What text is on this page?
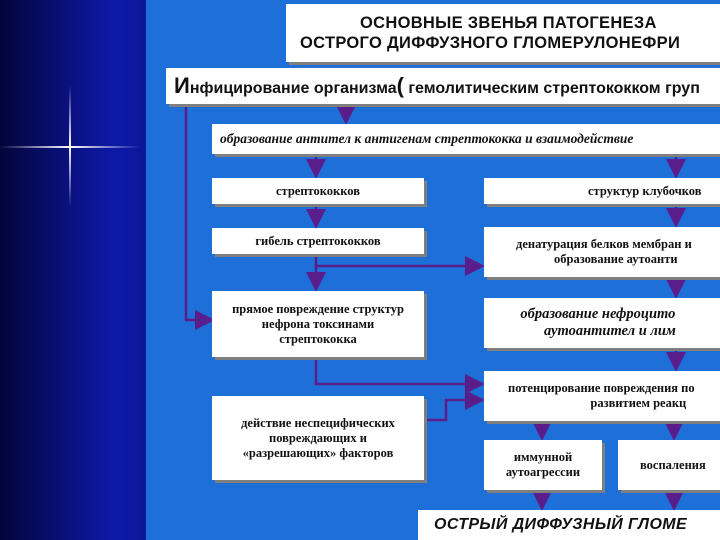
ОСНОВНЫЕ ЗВЕНЬЯ ПАТОГЕНЕЗА
ОСТРОГО ДИФФУЗНОГО ГЛОМЕРУЛОНЕФРИ
Инфицирование организма( гемолитическим стрептококком груп
образование антител к антигенам стрептококка и взаимодействие
стрептококков	структур клубочков
гибель стрептококков	денатурация белков мембран и
образование аутоанти
прямое повреждение структур
нефрона токсинами
стрептококка
образование нефроцито
аутоантител и лим
потенцирование повреждения по
развитием реакц
действие неспецифических
повреждающих и
«разрешающих» факторов	иммунной
аутоагрессии
воспаления
ОСТРЫЙ ДИФФУЗНЫЙ ГЛОМЕ
